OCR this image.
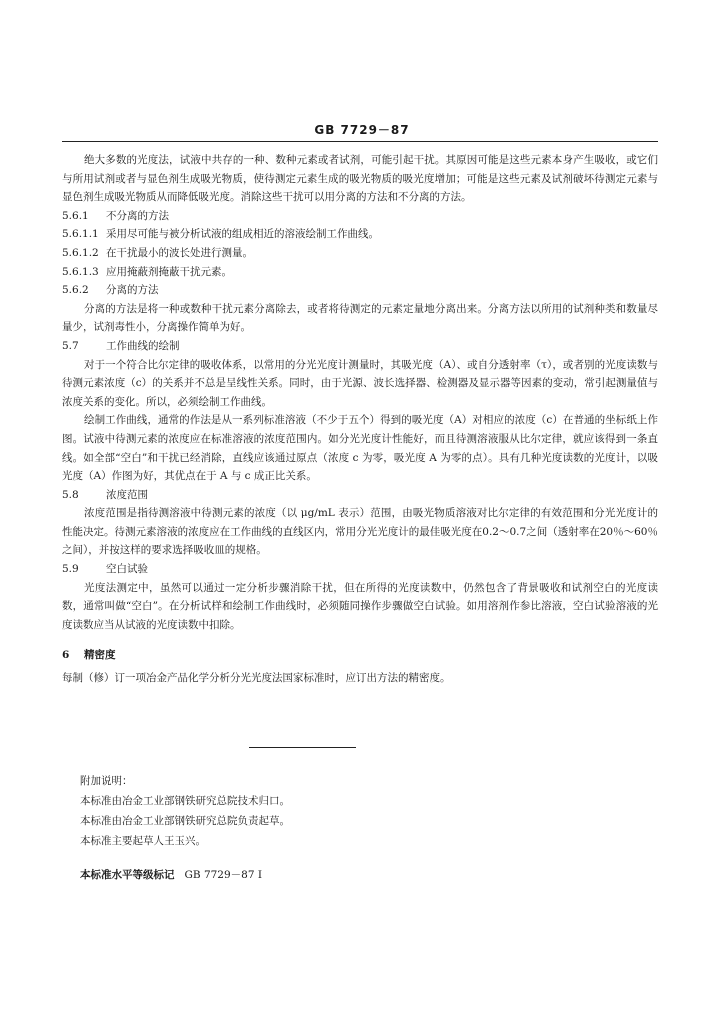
GB 7729－87

绝大多数的光度法，试液中共存的一种、数种元素或者试剂，可能引起干扰。其原因可能是这些元素本身产生吸收，或它们与所用试剂或者与显色剂生成吸光物质，使待测定元素生成的吸光物质的吸光度增加；可能是这些元素及试剂破坏待测定元素与显色剂生成吸光物质从而降低吸光度。消除这些干扰可以用分离的方法和不分离的方法。

5.6.1 不分离的方法
5.6.1.1 采用尽可能与被分析试液的组成相近的溶液绘制工作曲线。
5.6.1.2 在干扰最小的波长处进行测量。
5.6.1.3 应用掩蔽剂掩蔽干扰元素。
5.6.2 分离的方法

分离的方法是将一种或数种干扰元素分离除去，或者将待测定的元素定量地分离出来。分离方法以所用的试剂种类和数量尽量少，试剂毒性小，分离操作简单为好。

5.7	工作曲线的绘制

对于一个符合比尔定律的吸收体系，以常用的分光光度计测量时，其吸光度（A）、或自分透射率（τ），或者别的光度读数与待测元素浓度（c）的关系并不总是呈线性关系。同时，由于光源、波长选择器、检测器及显示器等因素的变动，常引起测量值与浓度关系的变化。所以，必须绘制工作曲线。

绘制工作曲线，通常的作法是从一系列标准溶液（不少于五个）得到的吸光度（A）对相应的浓度（c）在普通的坐标纸上作图。试液中待测元素的浓度应在标准溶液的浓度范围内。如分光光度计性能好，而且待测溶液服从比尔定律，就应该得到一条直线。如全部“空白”和干扰已经消除，直线应该通过原点（浓度 c 为零，吸光度 A 为零的点）。具有几种光度读数的光度计，以吸光度（A）作图为好，其优点在于 A 与 c 成正比关系。

5.8	浓度范围

浓度范围是指待测溶液中待测元素的浓度（以 μg/mL 表示）范围，由吸光物质溶液对比尔定律的有效范围和分光光度计的性能决定。待测元素溶液的浓度应在工作曲线的直线区内，常用分光光度计的最佳吸光度在0.2～0.7之间（透射率在20％～60％之间），并按这样的要求选择吸收皿的规格。

5.9	空白试验

光度法测定中，虽然可以通过一定分析步骤消除干扰，但在所得的光度读数中，仍然包含了背景吸收和试剂空白的光度读数，通常叫做“空白”。在分析试样和绘制工作曲线时，必须随同操作步骤做空白试验。如用溶剂作参比溶液，空白试验溶液的光度读数应当从试液的光度读数中扣除。

6 精密度

每制（修）订一项冶金产品化学分析分光光度法国家标准时，应订出方法的精密度。

附加说明：
本标准由冶金工业部钢铁研究总院技术归口。
本标准由冶金工业部钢铁研究总院负责起草。
本标准主要起草人王玉兴。
本标准水平等级标记 GB 7729－87 I
